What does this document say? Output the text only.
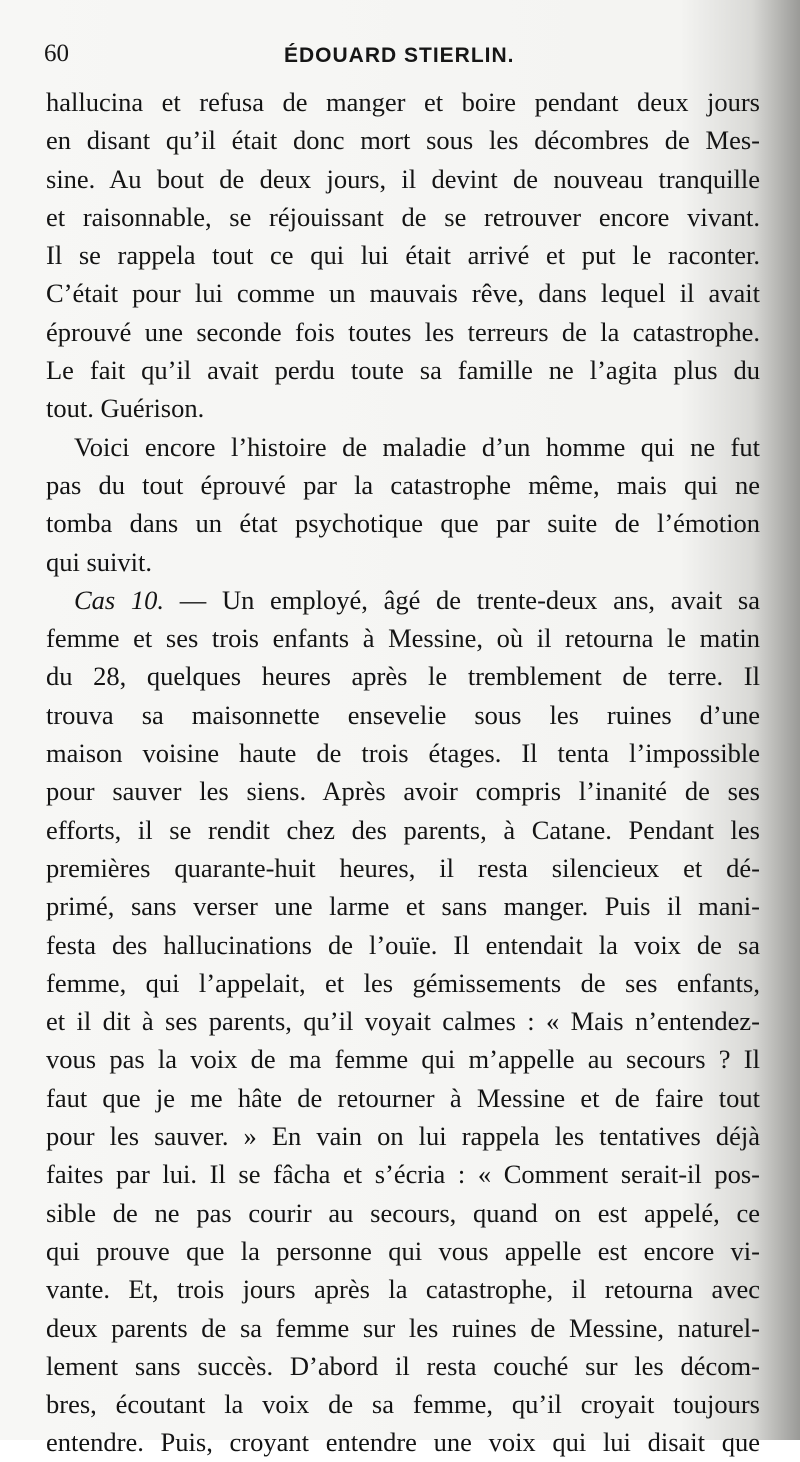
60	ÉDOUARD STIERLIN.
hallucina et refusa de manger et boire pendant deux jours
en disant qu’il était donc mort sous les décombres de Mes-
sine. Au bout de deux jours, il devint de nouveau tranquille
et raisonnable, se réjouissant de se retrouver encore vivant.
Il se rappela tout ce qui lui était arrivé et put le raconter.
C’était pour lui comme un mauvais rêve, dans lequel il avait
éprouvé une seconde fois toutes les terreurs de la catastrophe.
Le fait qu’il avait perdu toute sa famille ne l’agita plus du
tout. Guérison.
Voici encore l’histoire de maladie d’un homme qui ne fut
pas du tout éprouvé par la catastrophe même, mais qui ne
tomba dans un état psychotique que par suite de l’émotion
qui suivit.
Cas 10. — Un employé, âgé de trente-deux ans, avait sa
femme et ses trois enfants à Messine, où il retourna le matin
du 28, quelques heures après le tremblement de terre. Il
trouva sa maisonnette ensevelie sous les ruines d’une
maison voisine haute de trois étages. Il tenta l’impossible
pour sauver les siens. Après avoir compris l’inanité de ses
efforts, il se rendit chez des parents, à Catane. Pendant les
premières quarante-huit heures, il resta silencieux et dé-
primé, sans verser une larme et sans manger. Puis il mani-
festa des hallucinations de l’ouïe. Il entendait la voix de sa
femme, qui l’appelait, et les gémissements de ses enfants,
et il dit à ses parents, qu’il voyait calmes : « Mais n’entendez-
vous pas la voix de ma femme qui m’appelle au secours ? Il
faut que je me hâte de retourner à Messine et de faire tout
pour les sauver. » En vain on lui rappela les tentatives déjà
faites par lui. Il se fâcha et s’écria : « Comment serait-il pos-
sible de ne pas courir au secours, quand on est appelé, ce
qui prouve que la personne qui vous appelle est encore vi-
vante. Et, trois jours après la catastrophe, il retourna avec
deux parents de sa femme sur les ruines de Messine, naturel-
lement sans succès. D’abord il resta couché sur les décom-
bres, écoutant la voix de sa femme, qu’il croyait toujours
entendre. Puis, croyant entendre une voix qui lui disait que
